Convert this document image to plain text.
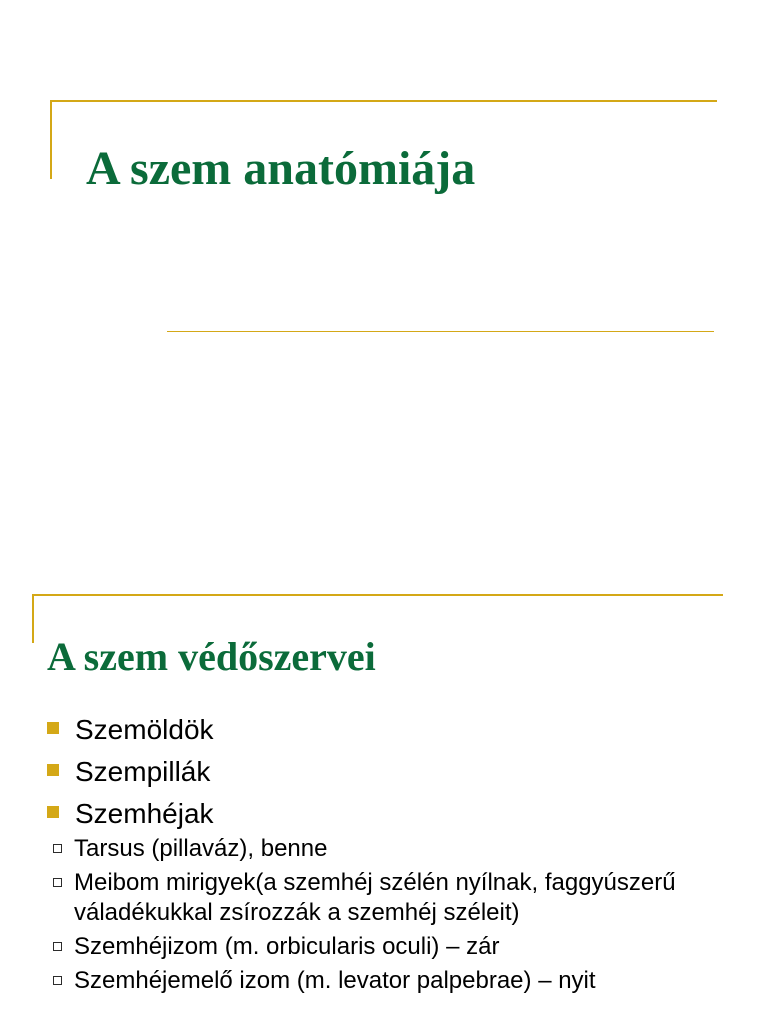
A szem anatómiája
A szem védőszervei
Szemöldök
Szempillák
Szemhéjak
Tarsus (pillaváz), benne
Meibom mirigyek(a szemhéj szélén nyílnak, faggyúszerű váladékukkal zsírozzák a szemhéj széleit)
Szemhéjizom (m. orbicularis oculi) – zár
Szemhéjemelő izom (m. levator palpebrae) – nyit
